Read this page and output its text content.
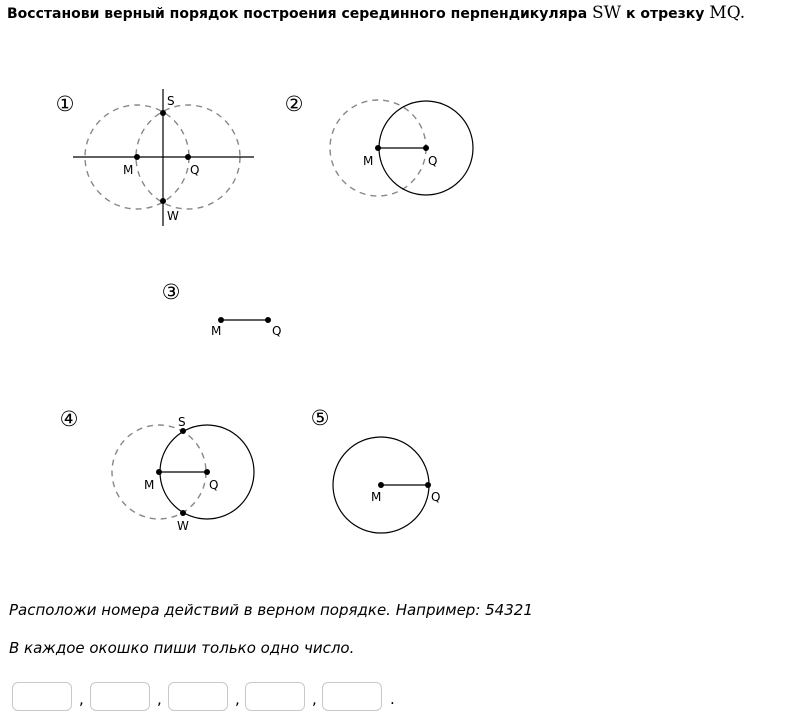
Восстанови верный порядок построения серединного перпендикуляра SW к отрезку MQ.
①	S
M	Q
W
②
M	Q
③
M	Q
④	S
M	Q
W
⑤
M	Q
Расположи номера действий в верном порядке. Например: 54321
В каждое окошко пиши только одно число.
,	,	,	,	.
